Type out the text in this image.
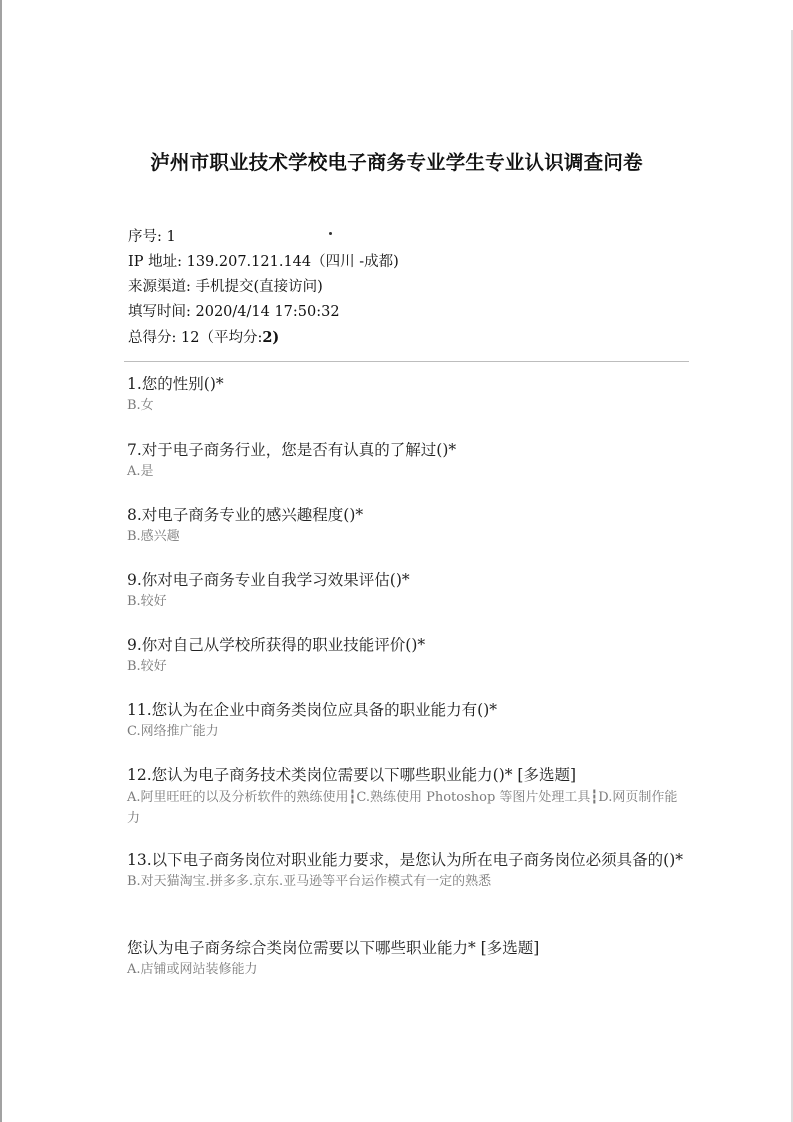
泸州市职业技术学校电子商务专业学生专业认识调查问卷
序号: 1
IP 地址: 139.207.121.144（四川 -成都)
来源渠道: 手机提交(直接访问)
填写时间: 2020/4/14 17:50:32
总得分: 12（平均分:2)
1.您的性别()*
B.女
7.对于电子商务行业，您是否有认真的了解过()*
A.是
8.对电子商务专业的感兴趣程度()*
B.感兴趣
9.你对电子商务专业自我学习效果评估()*
B.较好
9.你对自己从学校所获得的职业技能评价()*
B.较好
11.您认为在企业中商务类岗位应具备的职业能力有()*
C.网络推广能力
12.您认为电子商务技术类岗位需要以下哪些职业能力()* [多选题]
A.阿里旺旺的以及分析软件的熟练使用┇C.熟练使用 Photoshop 等图片处理工具┇D.网页制作能力
13.以下电子商务岗位对职业能力要求，是您认为所在电子商务岗位必须具备的()*
B.对天猫淘宝.拼多多.京东.亚马逊等平台运作模式有一定的熟悉
您认为电子商务综合类岗位需要以下哪些职业能力* [多选题]
A.店铺或网站装修能力
